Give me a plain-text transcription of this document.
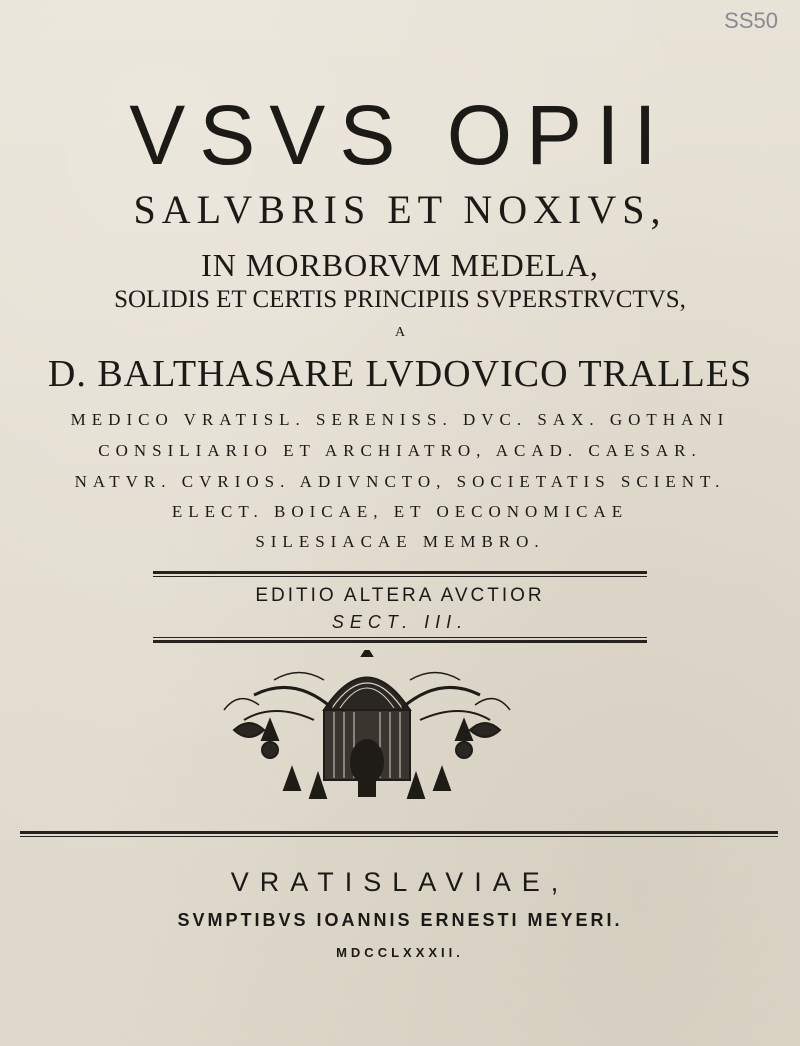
SS50
VSVS OPII
SALVBRIS ET NOXIVS,
IN MORBORVM MEDELA,
SOLIDIS ET CERTIS PRINCIPIIS SVPERSTRVCTVS,
A
D. BALTHASARE LVDOVICO TRALLES
MEDICO VRATISL. SERENISS. DVC. SAX. GOTHANI
CONSILIARIO ET ARCHIATRO, ACAD. CAESAR.
NATVR. CVRIOS. ADIVNCTO, SOCIETATIS SCIENT.
ELECT. BOICAE, ET OECONOMICAE
SILESIACAE MEMBRO.
EDITIO ALTERA AVCTIOR
SECT. III.
VRATISLAVIAE,
SVMPTIBVS IOANNIS ERNESTI MEYERI.
MDCCLXXXII.
